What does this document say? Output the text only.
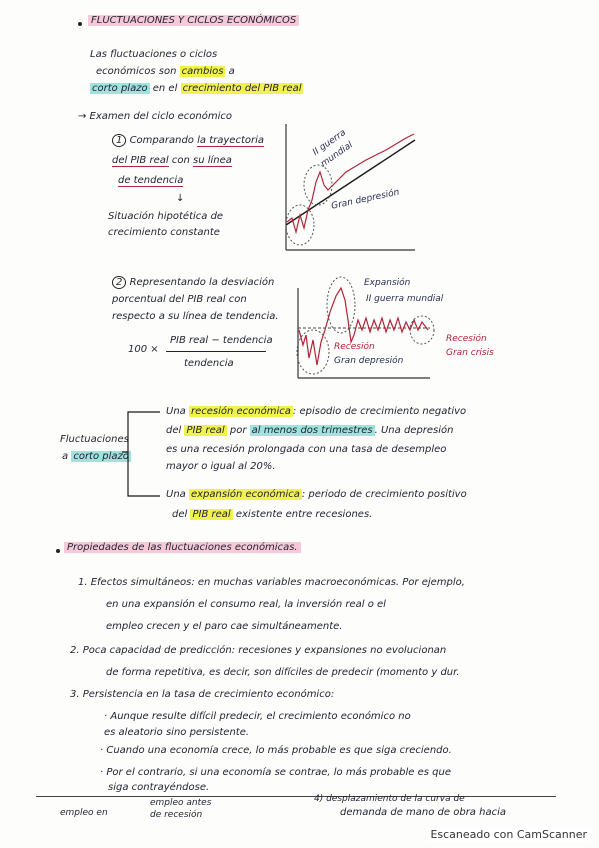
FLUCTUACIONES Y CICLOS ECONÓMICOS
Las fluctuaciones o ciclos
económicos son cambios a
corto plazo en el crecimiento del PIB real
→ Examen del ciclo económico
1 Comparando la trayectoria
del PIB real con su línea
de tendencia
↓
Situación hipotética de
crecimiento constante
II guerra mundial
Gran depresión
2 Representando la desviación
porcentual del PIB real con
respecto a su línea de tendencia.
100 ×
PIB real − tendencia
tendencia
Expansión
II guerra mundial
Recesión
Gran depresión
Recesión
Gran crisis
Fluctuaciones
a corto plazo
Una recesión económica : episodio de crecimiento negativo
del PIB real por al menos dos trimestres . Una depresión
es una recesión prolongada con una tasa de desempleo
mayor o igual al 20%.
Una expansión económica : periodo de crecimiento positivo
del PIB real existente entre recesiones.
Propiedades de las fluctuaciones económicas.
1. Efectos simultáneos: en muchas variables macroeconómicas. Por ejemplo,
en una expansión el consumo real, la inversión real o el
empleo crecen y el paro cae simultáneamente.
2. Poca capacidad de predicción: recesiones y expansiones no evolucionan
de forma repetitiva, es decir, son difíciles de predecir (momento y dur.
3. Persistencia en la tasa de crecimiento económico:
· Aunque resulte difícil predecir, el crecimiento económico no
es aleatorio sino persistente.
· Cuando una economía crece, lo más probable es que siga creciendo.
· Por el contrario, si una economía se contrae, lo más probable es que
siga contrayéndose.
empleo en
empleo antes
de recesión
4) desplazamiento de la curva de
demanda de mano de obra hacia
Escaneado con CamScanner
